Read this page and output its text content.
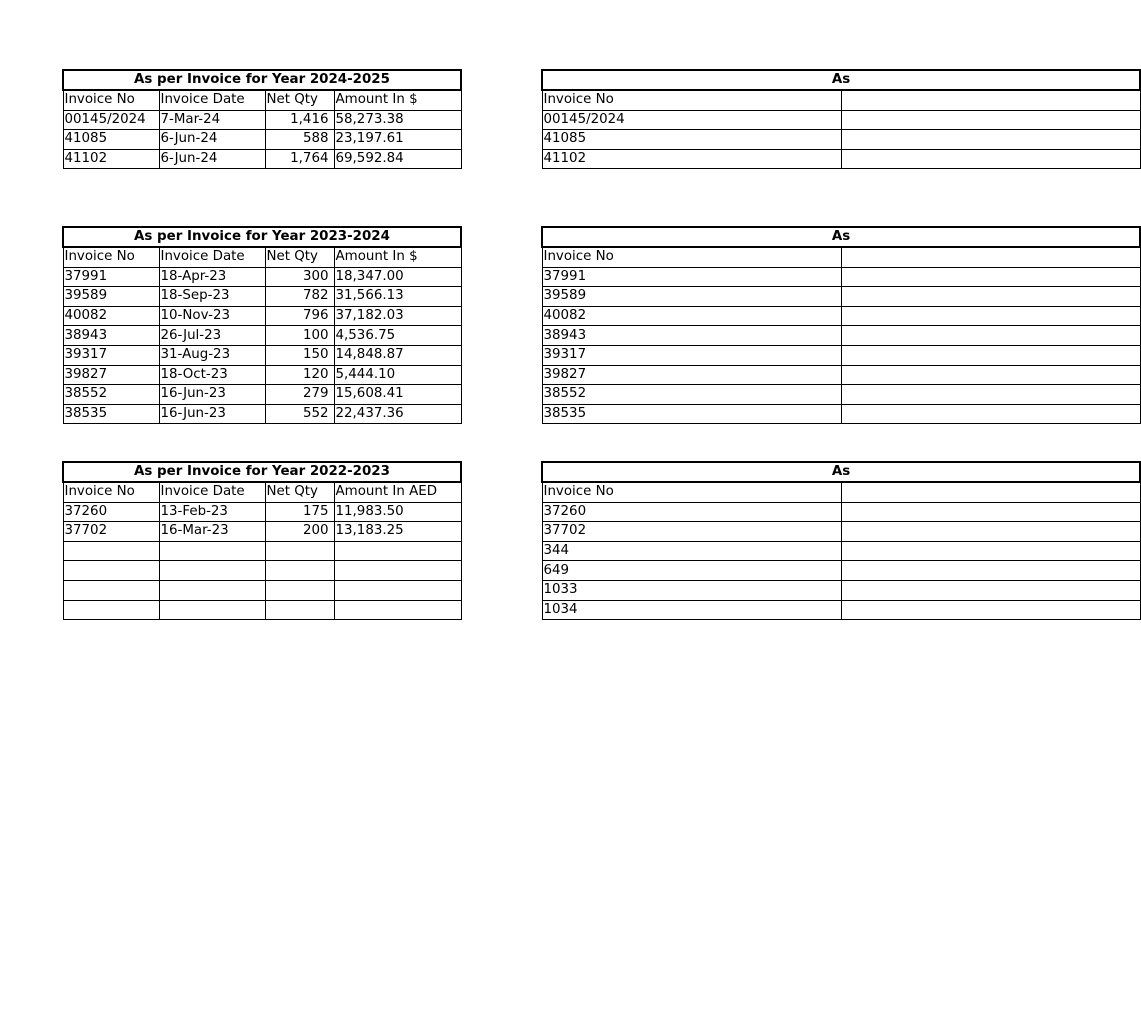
As per Invoice for Year 2024-2025			
Invoice No	Invoice Date	Net Qty	Amount In $
00145/2024	7-Mar-24	1,416	58,273.38
41085	6-Jun-24	588	23,197.61
41102	6-Jun-24	1,764	69,592.84
As per Invoice for Year 2023-2024			
Invoice No	Invoice Date	Net Qty	Amount In $
37991	18-Apr-23	300	18,347.00
39589	18-Sep-23	782	31,566.13
40082	10-Nov-23	796	37,182.03
38943	26-Jul-23	100	4,536.75
39317	31-Aug-23	150	14,848.87
39827	18-Oct-23	120	5,444.10
38552	16-Jun-23	279	15,608.41
38535	16-Jun-23	552	22,437.36
As per Invoice for Year 2022-2023			
Invoice No	Invoice Date	Net Qty	Amount In AED
37260	13-Feb-23	175	11,983.50
37702	16-Mar-23	200	13,183.25

As	
Invoice No	
00145/2024	
41085	
41102	
As	
Invoice No	
37991	
39589	
40082	
38943	
39317	
39827	
38552	
38535	
As	
Invoice No	
37260	
37702	
344	
649	
1033	
1034	
